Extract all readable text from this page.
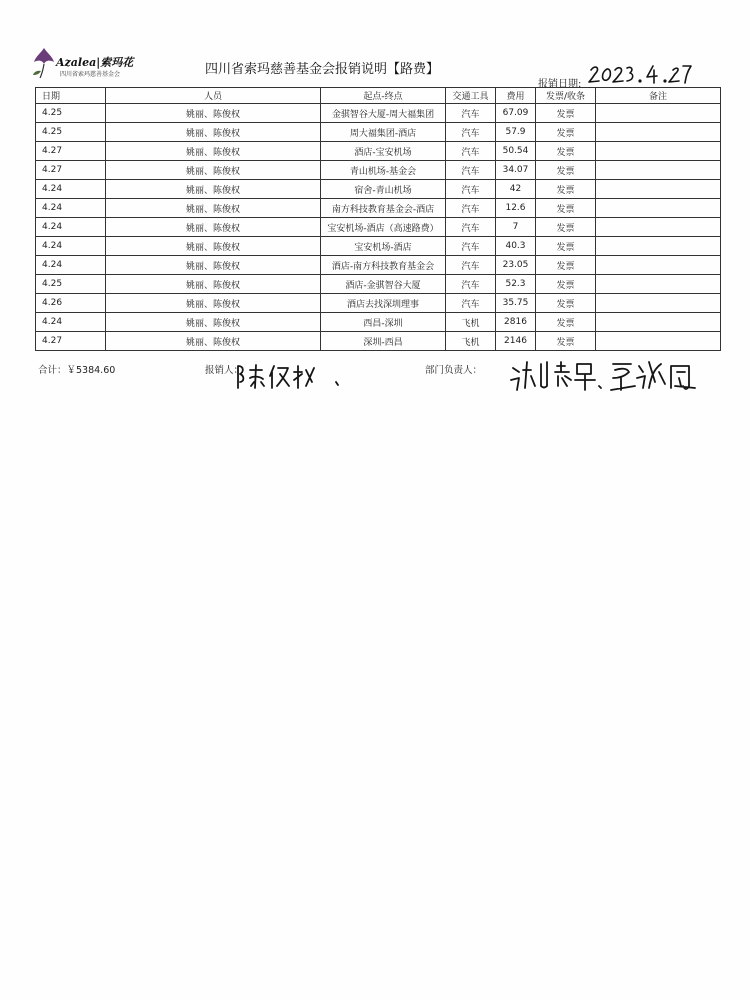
Azalea|索玛花
四川省索玛慈善基金会	四川省索玛慈善基金会报销说明【路费】
报销日期:
日期	人员	起点-终点	交通工具	费用	发票/收条	备注
4.25	姚丽、陈俊权	金骐智谷大厦-周大福集团	汽车	67.09	发票	
4.25	姚丽、陈俊权	周大福集团-酒店	汽车	57.9	发票	
4.27	姚丽、陈俊权	酒店-宝安机场	汽车	50.54	发票	
4.27	姚丽、陈俊权	青山机场-基金会	汽车	34.07	发票	
4.24	姚丽、陈俊权	宿舍-青山机场	汽车	42	发票	
4.24	姚丽、陈俊权	南方科技教育基金会-酒店	汽车	12.6	发票	
4.24	姚丽、陈俊权	宝安机场-酒店（高速路费）	汽车	7	发票	
4.24	姚丽、陈俊权	宝安机场-酒店	汽车	40.3	发票	
4.24	姚丽、陈俊权	酒店-南方科技教育基金会	汽车	23.05	发票	
4.25	姚丽、陈俊权	酒店-金骐智谷大厦	汽车	52.3	发票	
4.26	姚丽、陈俊权	酒店去找深圳理事	汽车	35.75	发票	
4.24	姚丽、陈俊权	西昌-深圳	飞机	2816	发票	
4.27	姚丽、陈俊权	深圳-西昌	飞机	2146	发票	
合计：￥5384.60	报销人：	部门负责人：
